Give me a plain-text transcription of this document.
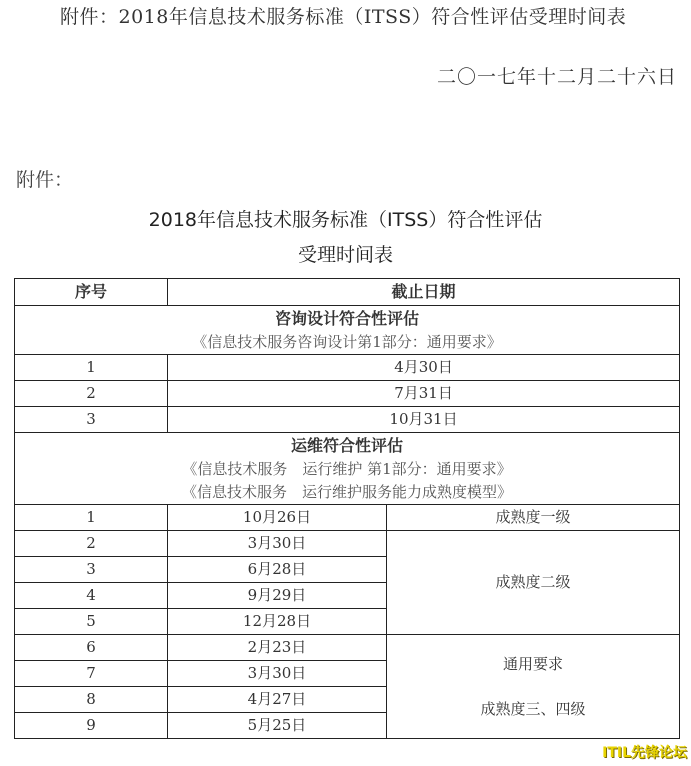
附件：2018年信息技术服务标准（ITSS）符合性评估受理时间表
二〇一七年十二月二十六日
附件：
2018年信息技术服务标准（ITSS）符合性评估
受理时间表
序号	截止日期	

咨询设计符合性评估
《信息技术服务咨询设计第1部分：通用要求》		

1	4月30日	
2	7月31日	
3	10月31日	

运维符合性评估
《信息技术服务　运行维护 第1部分：通用要求》
《信息技术服务　运行维护服务能力成熟度模型》		

1	10月26日	成熟度一级
2	3月30日	成熟度二级
3	6月28日	
4	9月29日	
5	12月28日	
6	2月23日	通用要求
成熟度三、四级

7	3月30日	
8	4月27日	
9	5月25日	
ITIL先锋论坛
